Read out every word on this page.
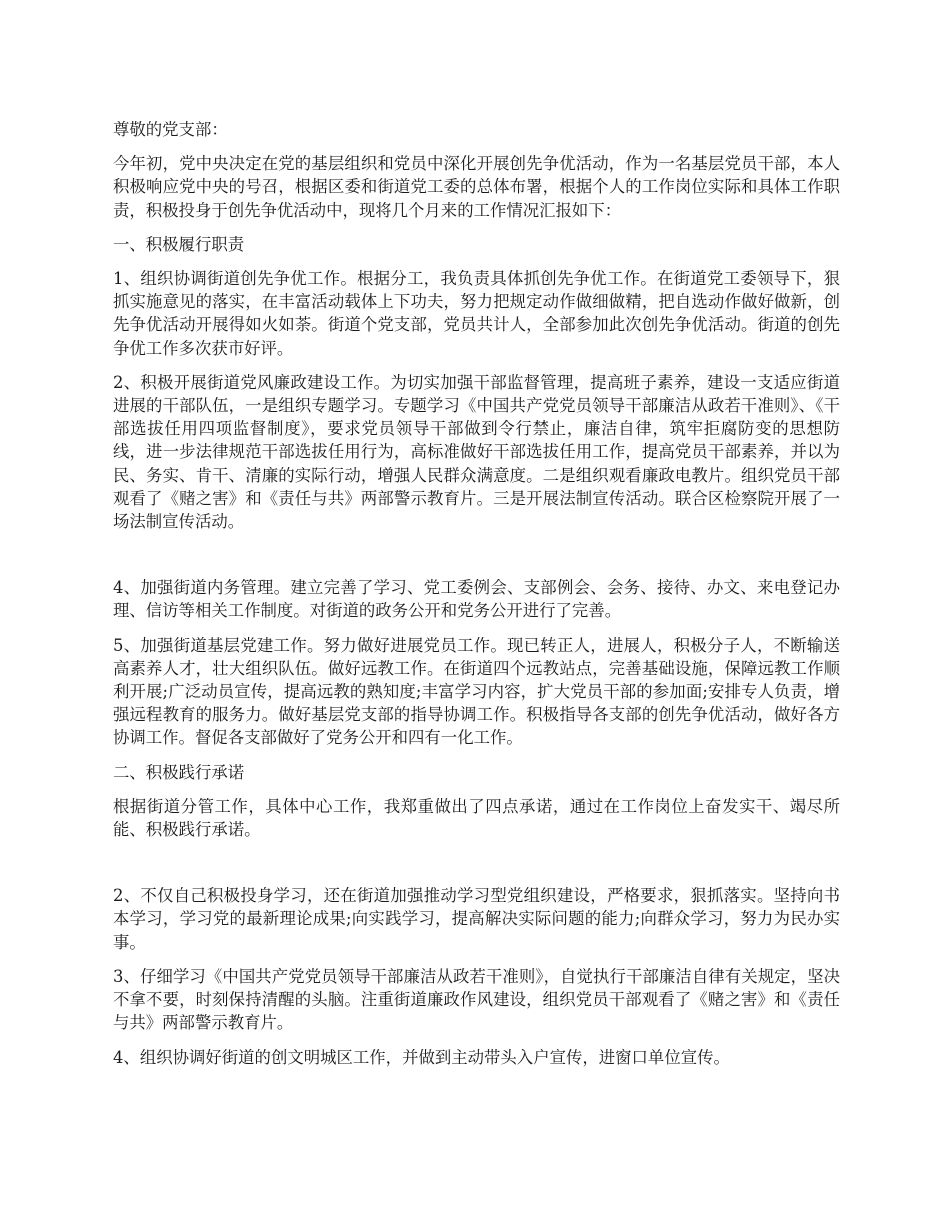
尊敬的党支部：

今年初，党中央决定在党的基层组织和党员中深化开展创先争优活动，作为一名基层党员干部，本人积极响应党中央的号召，根据区委和街道党工委的总体布署，根据个人的工作岗位实际和具体工作职责，积极投身于创先争优活动中，现将几个月来的工作情况汇报如下：

一、积极履行职责

1、组织协调街道创先争优工作。根据分工，我负责具体抓创先争优工作。在街道党工委领导下，狠抓实施意见的落实，在丰富活动载体上下功夫，努力把规定动作做细做精，把自选动作做好做新，创先争优活动开展得如火如荼。街道个党支部，党员共计人，全部参加此次创先争优活动。街道的创先争优工作多次获市好评。

2、积极开展街道党风廉政建设工作。为切实加强干部监督管理，提高班子素养，建设一支适应街道进展的干部队伍，一是组织专题学习。专题学习《中国共产党党员领导干部廉洁从政若干准则》、《干部选拔任用四项监督制度》，要求党员领导干部做到令行禁止，廉洁自律，筑牢拒腐防变的思想防线，进一步法律规范干部选拔任用行为，高标准做好干部选拔任用工作，提高党员干部素养，并以为民、务实、肯干、清廉的实际行动，增强人民群众满意度。二是组织观看廉政电教片。组织党员干部观看了《赌之害》和《责任与共》两部警示教育片。三是开展法制宣传活动。联合区检察院开展了一场法制宣传活动。

4、加强街道内务管理。建立完善了学习、党工委例会、支部例会、会务、接待、办文、来电登记办理、信访等相关工作制度。对街道的政务公开和党务公开进行了完善。

5、加强街道基层党建工作。努力做好进展党员工作。现已转正人，进展人，积极分子人，不断输送高素养人才，壮大组织队伍。做好远教工作。在街道四个远教站点，完善基础设施，保障远教工作顺利开展;广泛动员宣传，提高远教的熟知度;丰富学习内容，扩大党员干部的参加面;安排专人负责，增强远程教育的服务力。做好基层党支部的指导协调工作。积极指导各支部的创先争优活动，做好各方协调工作。督促各支部做好了党务公开和四有一化工作。

二、积极践行承诺

根据街道分管工作，具体中心工作，我郑重做出了四点承诺，通过在工作岗位上奋发实干、竭尽所能、积极践行承诺。

2、不仅自己积极投身学习，还在街道加强推动学习型党组织建设，严格要求，狠抓落实。坚持向书本学习，学习党的最新理论成果;向实践学习，提高解决实际问题的能力;向群众学习，努力为民办实事。

3、仔细学习《中国共产党党员领导干部廉洁从政若干准则》，自觉执行干部廉洁自律有关规定，坚决不拿不要，时刻保持清醒的头脑。注重街道廉政作风建设，组织党员干部观看了《赌之害》和《责任与共》两部警示教育片。

4、组织协调好街道的创文明城区工作，并做到主动带头入户宣传，进窗口单位宣传。
